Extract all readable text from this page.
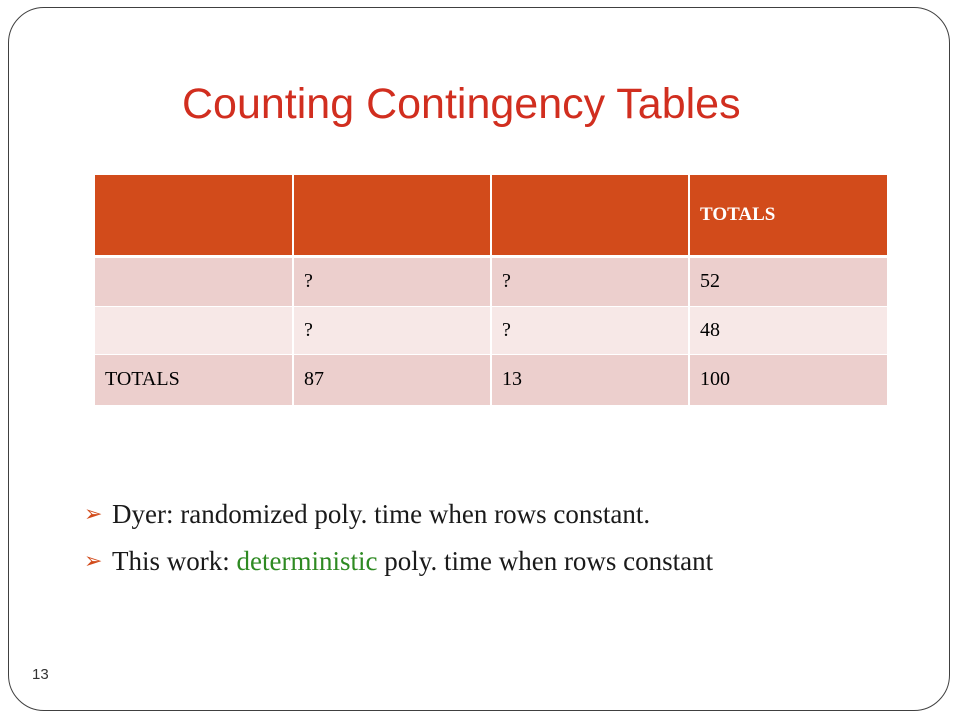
Counting Contingency Tables
			TOTALS
	?	?	52
	?	?	48
TOTALS	87	13	100
➢ Dyer: randomized poly. time when rows constant.
➢ This work: deterministic poly. time when rows constant
13
